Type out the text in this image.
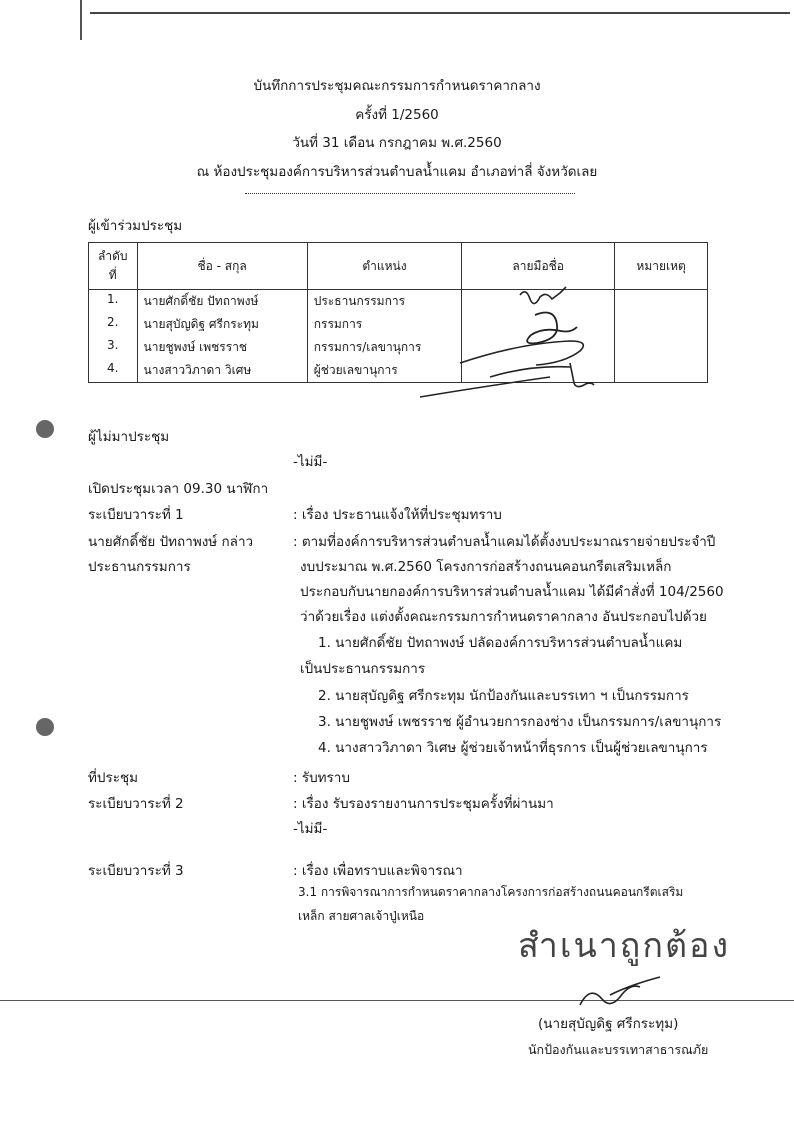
บันทึกการประชุมคณะกรรมการกำหนดราคากลาง
ครั้งที่ 1/2560
วันที่ 31 เดือน กรกฎาคม พ.ศ.2560
ณ ห้องประชุมองค์การบริหารส่วนตำบลน้ำแคม อำเภอท่าลี่ จังหวัดเลย
ผู้เข้าร่วมประชุม
ลำดับที่	ชื่อ - สกุล	ตำแหน่ง	ลายมือชื่อ	หมายเหตุ
1.	นายศักดิ์ชัย ปัทถาพงษ์	ประธานกรรมการ		
2.	นายสุบัญดิฐ ศรีกระทุม	กรรมการ		
3.	นายชูพงษ์ เพชรราช	กรรมการ/เลขานุการ		
4.	นางสาววิภาดา วิเศษ	ผู้ช่วยเลขานุการ		
ผู้ไม่มาประชุม
-ไม่มี-
เปิดประชุมเวลา 09.30 นาฬิกา
ระเบียบวาระที่ 1	: เรื่อง ประธานแจ้งให้ที่ประชุมทราบ
นายศักดิ์ชัย ปัทถาพงษ์ กล่าว
ประธานกรรมการ
: ตามที่องค์การบริหารส่วนตำบลน้ำแคมได้ตั้งงบประมาณรายจ่ายประจำปี
งบประมาณ พ.ศ.2560 โครงการก่อสร้างถนนคอนกรีตเสริมเหล็ก
ประกอบกับนายกองค์การบริหารส่วนตำบลน้ำแคม ได้มีคำสั่งที่ 104/2560
ว่าด้วยเรื่อง แต่งตั้งคณะกรรมการกำหนดราคากลาง อันประกอบไปด้วย
1. นายศักดิ์ชัย ปัทถาพงษ์ ปลัดองค์การบริหารส่วนตำบลน้ำแคม
เป็นประธานกรรมการ
2. นายสุบัญดิฐ ศรีกระทุม นักป้องกันและบรรเทา ฯ เป็นกรรมการ
3. นายชูพงษ์ เพชรราช ผู้อำนวยการกองช่าง เป็นกรรมการ/เลขานุการ
4. นางสาววิภาดา วิเศษ ผู้ช่วยเจ้าหน้าที่ธุรการ เป็นผู้ช่วยเลขานุการ
ที่ประชุม	: รับทราบ
ระเบียบวาระที่ 2	: เรื่อง รับรองรายงานการประชุมครั้งที่ผ่านมา
-ไม่มี-
ระเบียบวาระที่ 3	: เรื่อง เพื่อทราบและพิจารณา
3.1 การพิจารณาการกำหนดราคากลางโครงการก่อสร้างถนนคอนกรีตเสริม
เหล็ก สายศาลเจ้าปู่เหนือ
สำเนาถูกต้อง
(นายสุบัญดิฐ ศรีกระทุม)
นักป้องกันและบรรเทาสาธารณภัย
